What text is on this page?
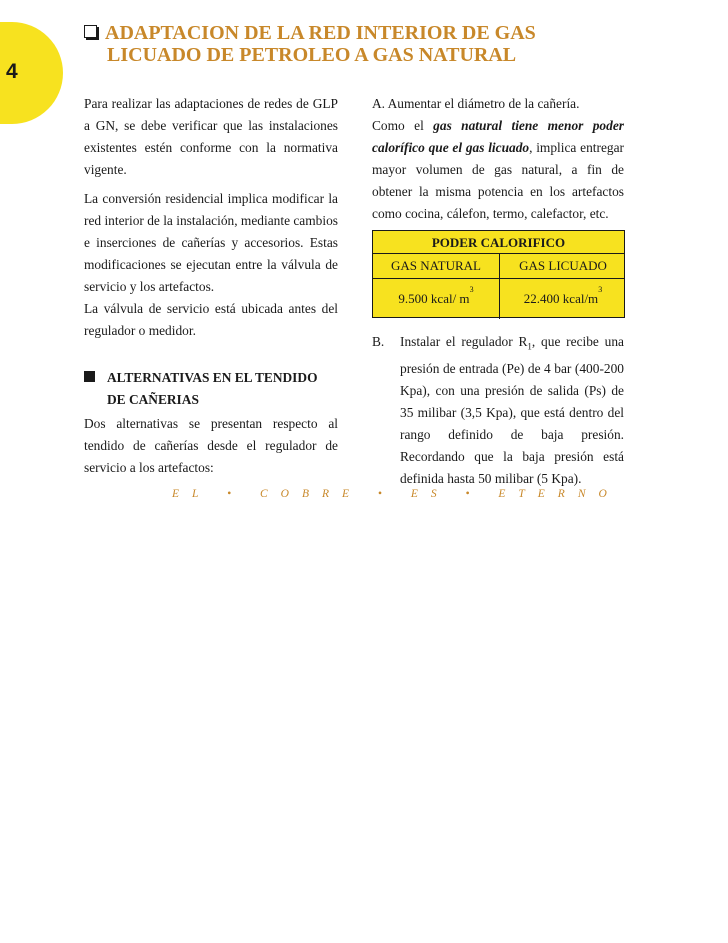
4
ADAPTACION DE LA RED INTERIOR DE GAS
LICUADO DE PETROLEO A GAS NATURAL
Para realizar las adaptaciones de redes de GLP a GN, se debe verificar que las instalaciones existentes estén conforme con la normativa vigente.
La conversión residencial implica modificar la red interior de la instalación, mediante cambios e inserciones de cañerías y accesorios. Estas modificaciones se ejecutan entre la válvula de servicio y los artefactos.
La válvula de servicio está ubicada antes del regulador o medidor.
ALTERNATIVAS EN EL TENDIDO
DE CAÑERIAS
Dos alternativas se presentan respecto al tendido de cañerías desde el regulador de servicio a los artefactos:
A. Aumentar el diámetro de la cañería.
Como el gas natural tiene menor poder calorífico que el gas licuado, implica entregar mayor volumen de gas natural, a fin de obtener la misma potencia en los artefactos como cocina, cálefon, termo, calefactor, etc.
PODER CALORIFICO
GAS NATURAL	GAS LICUADO
9.500 kcal/ $m^3$
22.400 kcal/$m^3$
B. Instalar el regulador $R_1$, que recibe una presión de entrada (Pe) de 4 bar (400-200 Kpa), con una presión de salida (Ps) de 35 milibar (3,5 Kpa), que está dentro del rango definido de baja presión. Recordando que la baja presión está definida hasta 50 milibar (5 Kpa).
EL • COBRE • ES • ETERNO
